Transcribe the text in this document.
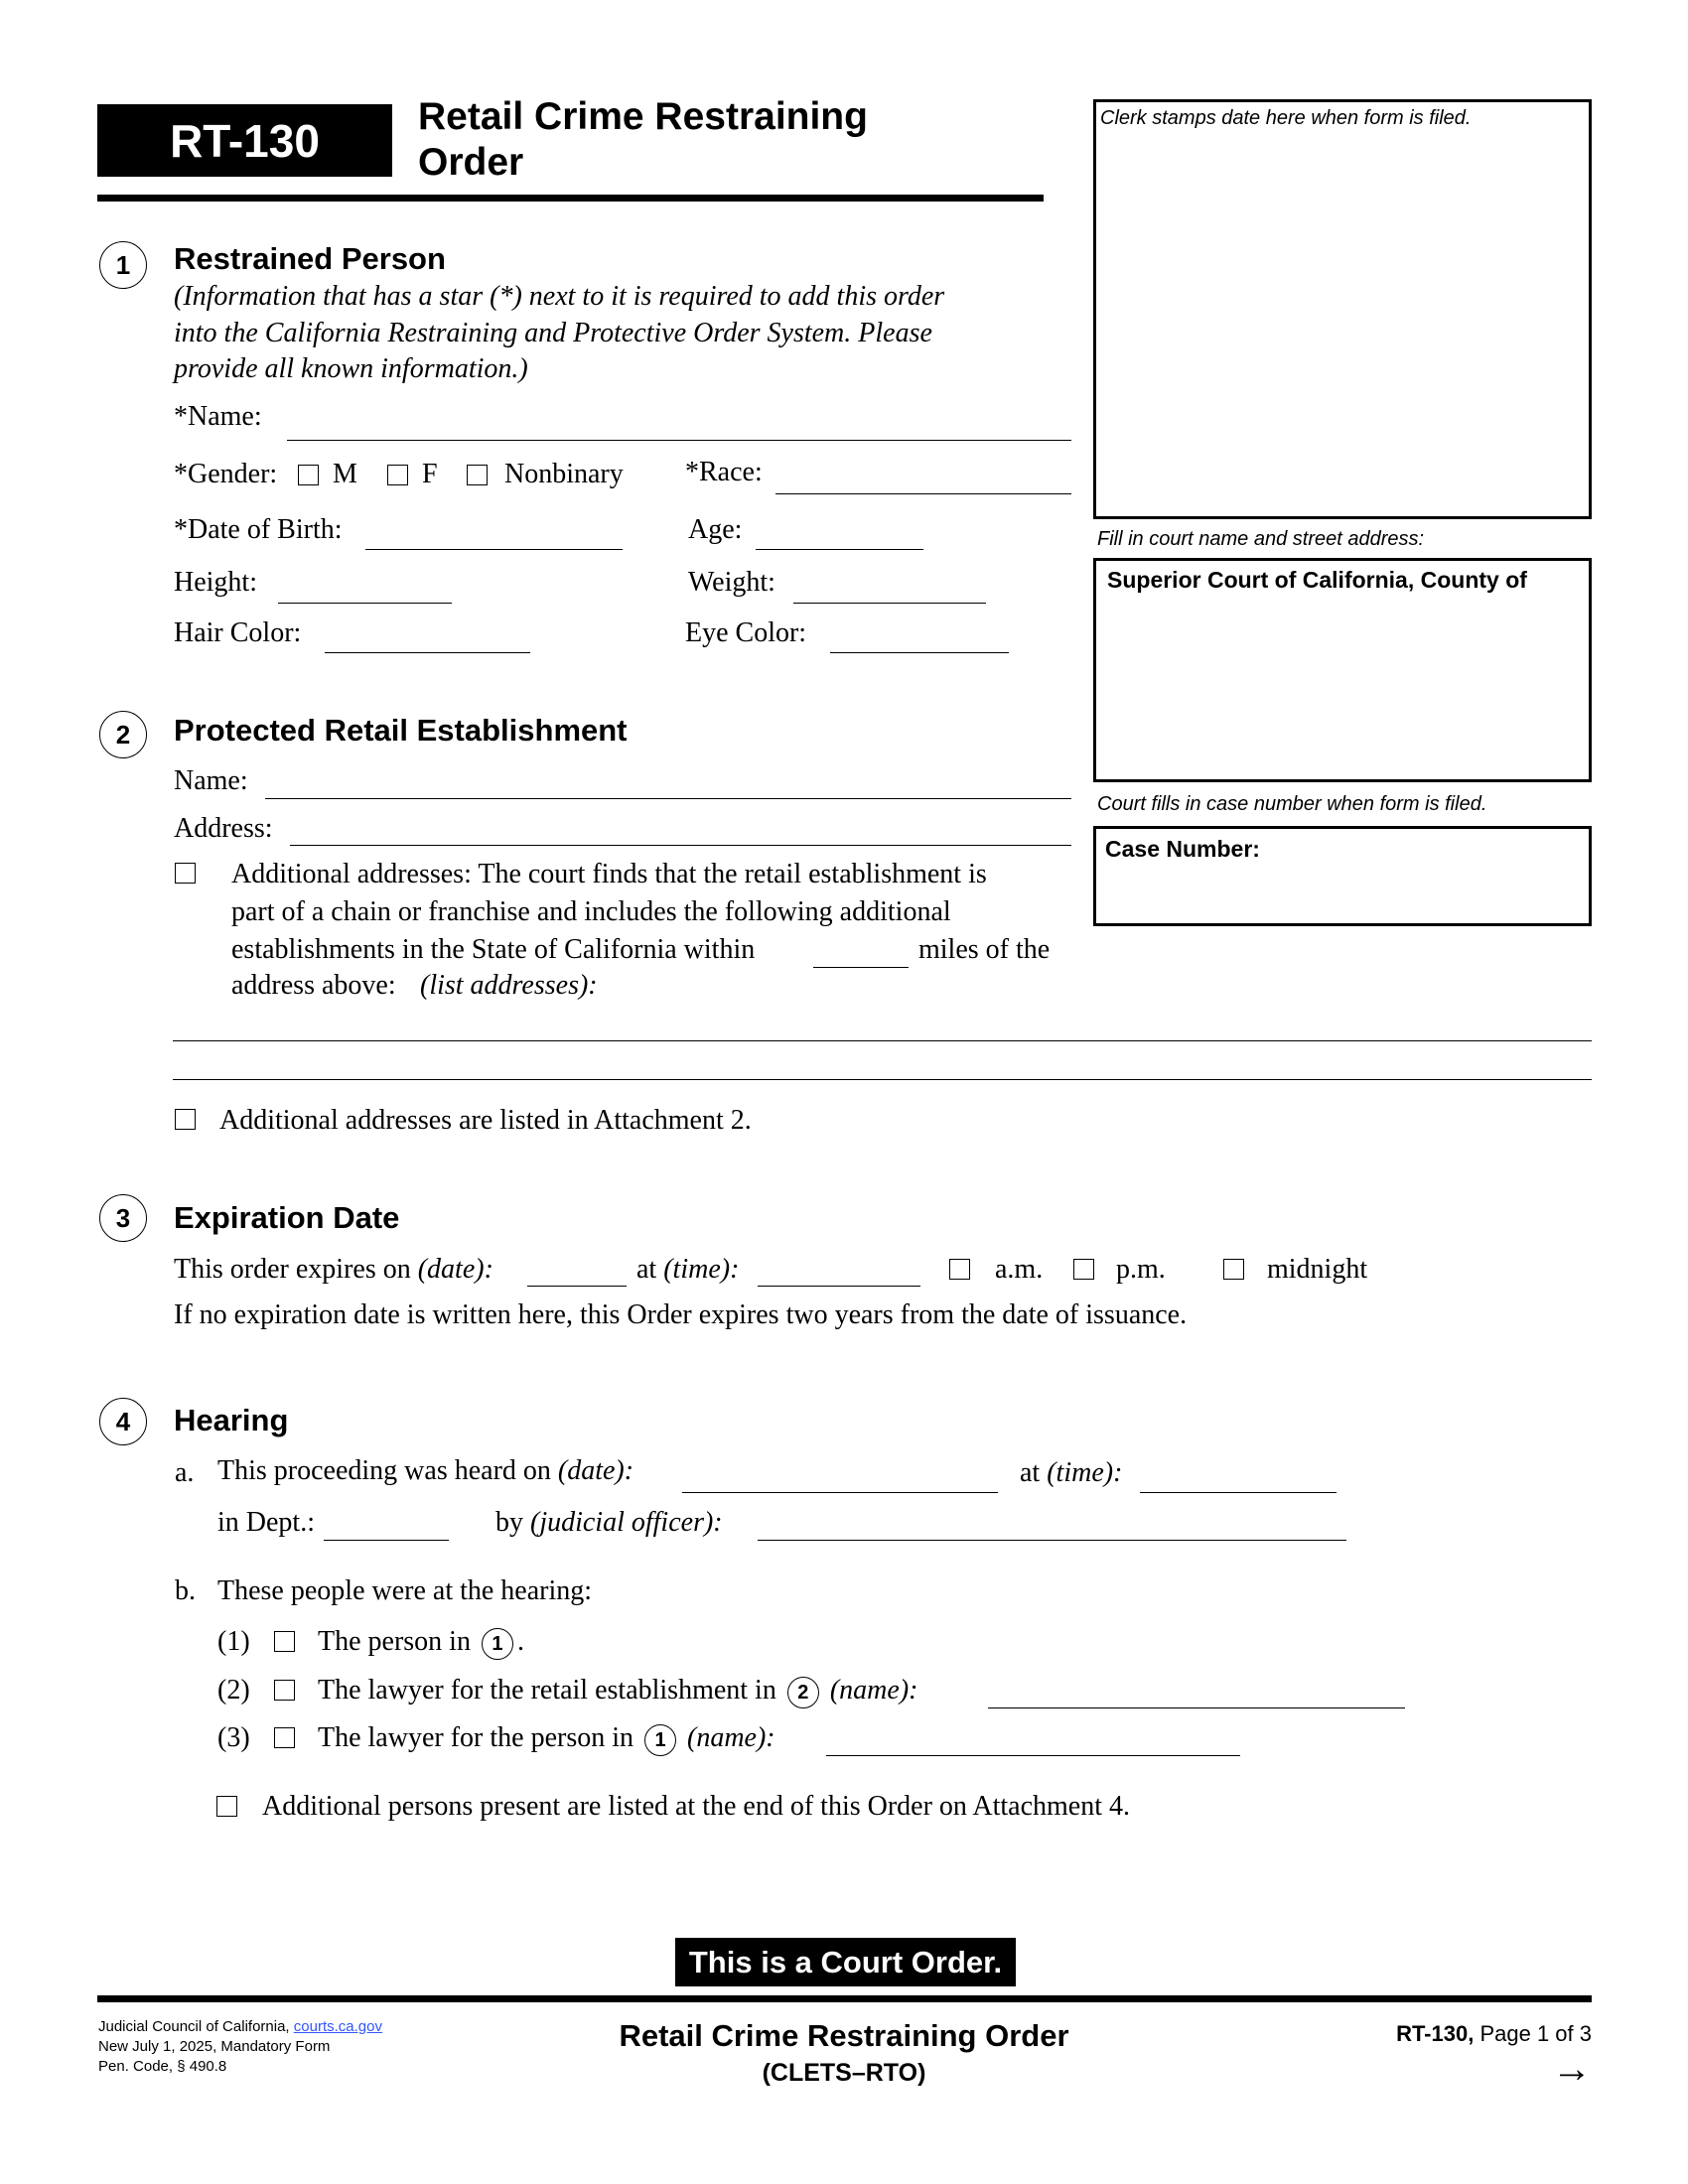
RT-130	Retail Crime Restraining
Order
Clerk stamps date here when form is filed.
Fill in court name and street address:
Superior Court of California, County of
Court fills in case number when form is filed.
Case Number:
1	Restrained Person
(Information that has a star (*) next to it is required to add this order
into the California Restraining and Protective Order System. Please
provide all known information.)
*Name:
*Gender: M F Nonbinary *Race:
*Date of Birth:	Age:
Height:	Weight:
Hair Color:	Eye Color:
2	Protected Retail Establishment
Name:
Address:
Additional addresses: The court finds that the retail establishment is
part of a chain or franchise and includes the following additional
establishments in the State of California within	miles of the
address above: (list addresses):
Additional addresses are listed in Attachment 2.
3	Expiration Date
This order expires on (date):	at (time):	a.m.	p.m.	midnight
If no expiration date is written here, this Order expires two years from the date of issuance.
4	Hearing
a. This proceeding was heard on (date):	at (time):
in Dept.:	by (judicial officer):
b. These people were at the hearing:
(1) The person in 1 .
(2) The lawyer for the retail establishment in 2 (name):
(3) The lawyer for the person in 1 (name):
Additional persons present are listed at the end of this Order on Attachment 4.
This is a Court Order.
Judicial Council of California, courts.ca.gov
New July 1, 2025, Mandatory Form
Pen. Code, § 490.8
Retail Crime Restraining Order
(CLETS–RTO)
RT-130, Page 1 of 3
→
